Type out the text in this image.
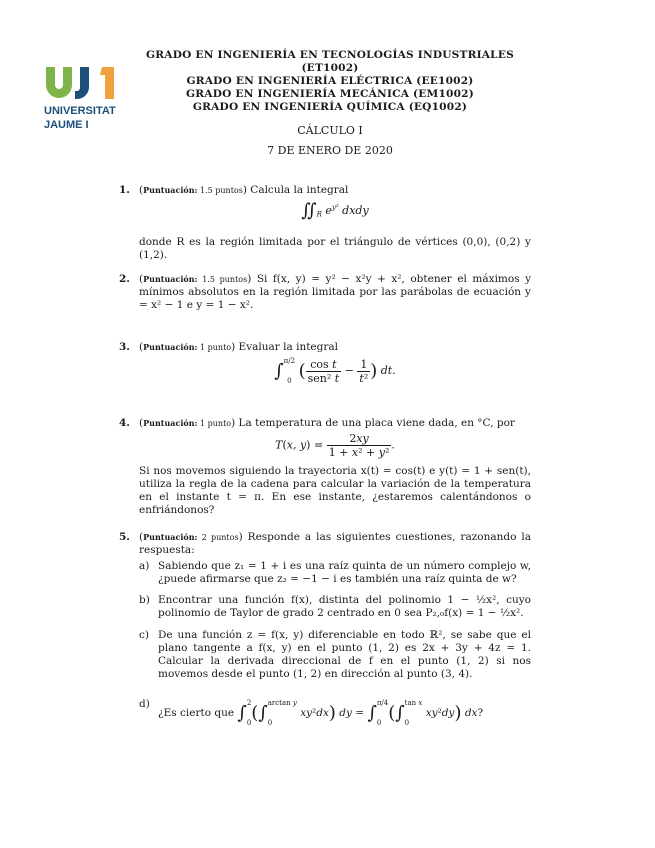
UNIVERSITAT
JAUME I
GRADO EN INGENIERÍA EN TECNOLOGÍAS INDUSTRIALES
(ET1002)
GRADO EN INGENIERÍA ELÉCTRICA (EE1002)
GRADO EN INGENIERÍA MECÁNICA (EM1002)
GRADO EN INGENIERÍA QUÍMICA (EQ1002)
CÁLCULO I
7 DE ENERO DE 2020
1. (Puntuación: 1.5 puntos) Calcula la integral
$∬_R$ $e^{y^2}$ dxdy
donde R es la región limitada por el triángulo de vértices (0,0), (0,2) y (1,2).
2. (Puntuación: 1.5 puntos) Si f(x, y) = y² − x²y + x², obtener el máximos y mínimos absolutos en la región limitada por las parábolas de ecuación y = x² − 1 e y = 1 − x².
3. (Puntuación: 1 punto) Evaluar la integral
∫π/2

0 ( $\frac{\text{cos t}}{\text{sen² t}} - \frac{1}{\text{t²}}$ ) dt.
4. (Puntuación: 1 punto) La temperatura de una placa viene dada, en °C, por
T(x, $y) = \frac{2xy}{\text{1 + x² + y²}}$ .
Si nos movemos siguiendo la trayectoria x(t) = cos(t) e y(t) = 1 + sen(t), utiliza la regla de la cadena para calcular la variación de la temperatura en el instante t = π. En ese instante, ¿estaremos calentándonos o enfriándonos?
5. (Puntuación: 2 puntos) Responde a las siguientes cuestiones, razonando la respuesta:
a) Sabiendo que z₁ = 1 + i es una raíz quinta de un número complejo w, ¿puede afirmarse que z₂ = −1 − i es también una raíz quinta de w?
b) Encontrar una función f(x), distinta del polinomio 1 − ½x², cuyo polinomio de Taylor de grado 2 centrado en 0 sea P₂,₀f(x) = 1 − ½x².
c) De una función z = f(x, y) diferenciable en todo ℝ², se sabe que el plano tangente a f(x, y) en el punto (1, 2) es 2x + 3y + 4z = 1. Calcular la derivada direccional de f en el punto (1, 2) si nos movemos desde el punto (1, 2) en dirección al punto (3, 4).
d)
¿Es cierto que ∫2

0(∫arctan y

0 xy²dx) dy = ∫π/4

0 (∫tan x

0 xy²dy) dx?
